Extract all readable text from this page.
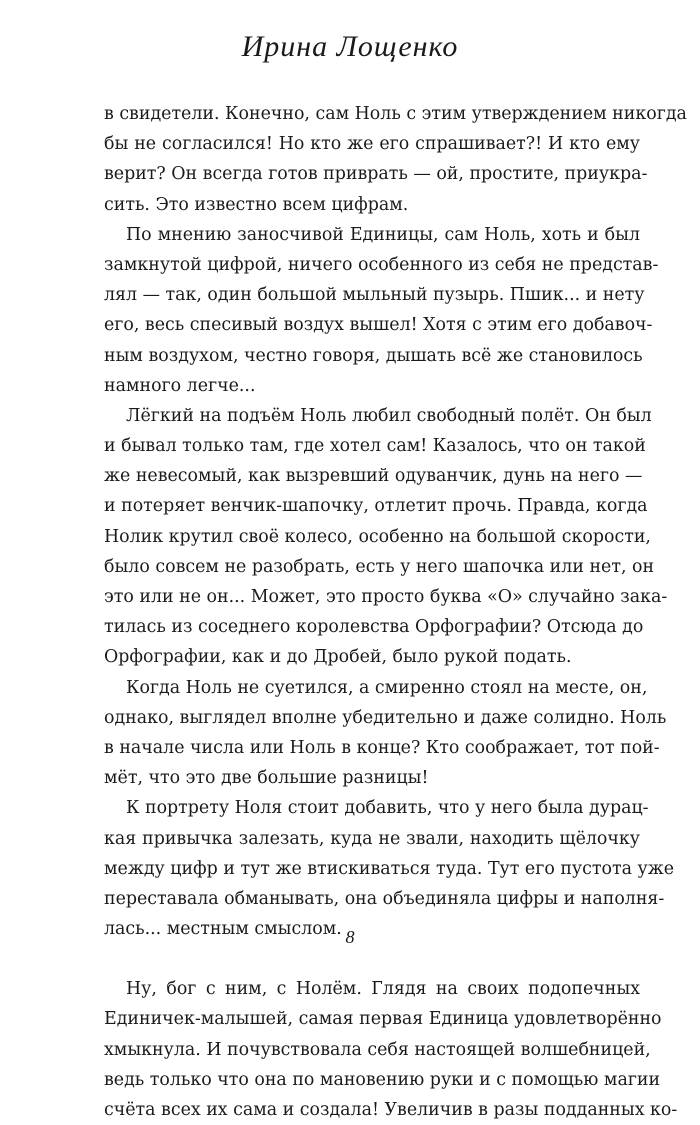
Ирина Лощенко
в свидетели. Конечно, сам Ноль с этим утверждением никогда
бы не согласился! Но кто же его спрашивает?! И кто ему
верит? Он всегда готов приврать — ой, простите, приукра-
сить. Это известно всем цифрам.
По мнению заносчивой Единицы, сам Ноль, хоть и был
замкнутой цифрой, ничего особенного из себя не представ-
лял — так, один большой мыльный пузырь. Пшик... и нету
его, весь спесивый воздух вышел! Хотя с этим его добавоч-
ным воздухом, честно говоря, дышать всё же становилось
намного легче...
Лёгкий на подъём Ноль любил свободный полёт. Он был
и бывал только там, где хотел сам! Казалось, что он такой
же невесомый, как вызревший одуванчик, дунь на него —
и потеряет венчик-шапочку, отлетит прочь. Правда, когда
Нолик крутил своё колесо, особенно на большой скорости,
было совсем не разобрать, есть у него шапочка или нет, он
это или не он... Может, это просто буква «О» случайно зака-
тилась из соседнего королевства Орфографии? Отсюда до
Орфографии, как и до Дробей, было рукой подать.
Когда Ноль не суетился, а смиренно стоял на месте, он,
однако, выглядел вполне убедительно и даже солидно. Ноль
в начале числа или Ноль в конце? Кто соображает, тот пой-
мёт, что это две большие разницы!
К портрету Ноля стоит добавить, что у него была дурац-
кая привычка залезать, куда не звали, находить щёлочку
между цифр и тут же втискиваться туда. Тут его пустота уже
переставала обманывать, она объединяла цифры и наполня-
лась... местным смыслом.
Ну, бог с ним, с Нолём. Глядя на своих подопечных
Единичек-малышей, самая первая Единица удовлетворённо
хмыкнула. И почувствовала себя настоящей волшебницей,
ведь только что она по мановению руки и с помощью магии
счёта всех их сама и создала! Увеличив в разы подданных ко-
8
